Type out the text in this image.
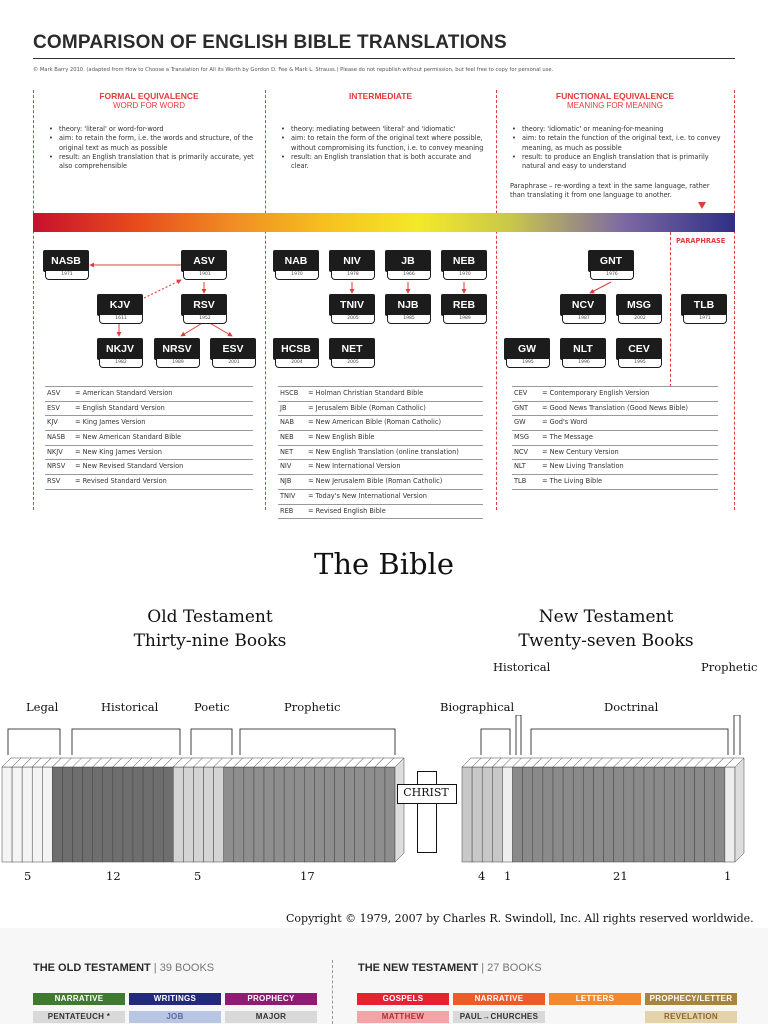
COMPARISON OF ENGLISH BIBLE TRANSLATIONS
© Mark Barry 2010. (adapted from How to Choose a Translation for All its Worth by Gordon D. Fee & Mark L. Strauss.) Please do not republish without permission, but feel free to copy for personal use.
FORMAL EQUIVALENCE
WORD FOR WORD
INTERMEDIATE	FUNCTIONAL EQUIVALENCE
MEANING FOR MEANING

• theory: 'literal' or word-for-word

• aim: to retain the form, i.e. the words and structure, of the original text as much as possible

• result: an English translation that is primarily accurate, yet also comprehensible

• theory: mediating between 'literal' and 'idiomatic'

• aim: to retain the form of the original text where possible, without compromising its function, i.e. to convey meaning

• result: an English translation that is both accurate and clear.

• theory: 'idiomatic' or meaning-for-meaning

• aim: to retain the function of the original text, i.e. to convey meaning, as much as possible

• result: to produce an English translation that is primarily natural and easy to understand

Paraphrase – re-wording a text in the same language, rather than translating it from one language to another.
PARAPHRASE
NASB
1971
ASV
1901
KJV
1611
RSV
1952
NKJV
1982
NRSV
1989
ESV
2001
NAB
1970
NIV
1978
JB
1966
NEB
1970
TNIV
2005
NJB
1985
REB
1989
HCSB
2004
NET
2005
GNT
1976
NCV
1987
MSG
2002
TLB
1971
GW
1995
NLT
1996
CEV
1995
ASV = American Standard Version
ESV = English Standard Version
KJV	= King James Version
NASB = New American Standard Bible
NKJV = New King James Version
NRSV = New Revised Standard Version
RSV = Revised Standard Version
HSCB = Holman Christian Standard Bible
JB	= Jerusalem Bible (Roman Catholic)
NAB = New American Bible (Roman Catholic)
NEB = New English Bible
NET = New English Translation (online translation)
NIV	= New International Version
NJB	= New Jerusalem Bible (Roman Catholic)
TNIV = Today's New International Version
REB = Revised English Bible
CEV = Contemporary English Version
GNT = Good News Translation (Good News Bible)
GW = God's Word
MSG = The Message
NCV = New Century Version
NLT = New Living Translation
TLB = The Living Bible
The Bible
Old Testament
Thirty-nine Books
New Testament
Twenty-seven Books
Legal	Historical	Poetic	Prophetic	Biographical
Historical
Doctrinal
Prophetic
CHRIST
5	12	5	17	4 1	21	1
Copyright © 1979, 2007 by Charles R. Swindoll, Inc. All rights reserved worldwide.
THE OLD TESTAMENT | 39 BOOKS	THE NEW TESTAMENT | 27 BOOKS
NARRATIVE	WRITINGS	PROPHECY
PENTATEUCH *	JOB	MAJOR
GOSPELS	NARRATIVE	LETTERS	PROPHECY/LETTER
MATTHEW	PAUL→CHURCHES	REVELATION
